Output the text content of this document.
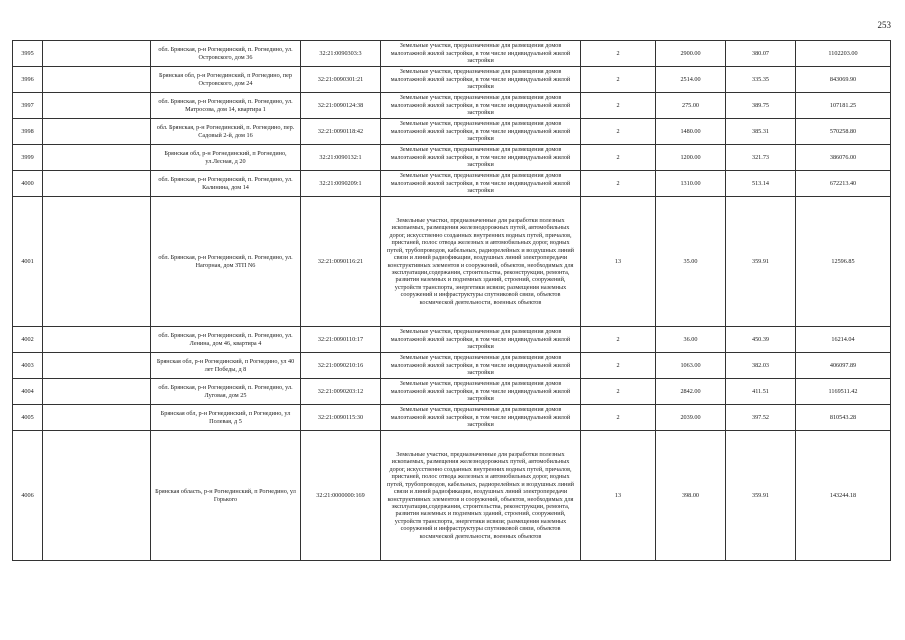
253
3995		обл. Брянская, р-н Рогнединский, п. Рогнедино, ул. Островского, дом 36	32:21:0090303:3	Земельные участки, предназначенные для размещения домов малоэтажной жилой застройки, в том числе индивидуальной жилой застройки	2	2900.00	380.07	1102203.00
3996		Брянская обл, р-н Рогнединский, п Рогнедино, пер Островского, дом 24	32:21:0090301:21	Земельные участки, предназначенные для размещения домов малоэтажной жилой застройки, в том числе индивидуальной жилой застройки	2	2514.00	335.35	843069.90
3997		обл. Брянская, р-н Рогнединский, п. Рогнедино, ул. Матросова, дом 14, квартира 1	32:21:0090124:38	Земельные участки, предназначенные для размещения домов малоэтажной жилой застройки, в том числе индивидуальной жилой застройки	2	275.00	389.75	107181.25
3998		обл. Брянская, р-н Рогнединский, п. Рогнедино, пер. Садовый 2-й, дом 16	32:21:0090118:42	Земельные участки, предназначенные для размещения домов малоэтажной жилой застройки, в том числе индивидуальной жилой застройки	2	1480.00	385.31	570258.80
3999		Брянская обл, р-н Рогнединский, п Рогнедино, ул.Лесная, д 20	32:21:0090132:1	Земельные участки, предназначенные для размещения домов малоэтажной жилой застройки, в том числе индивидуальной жилой застройки	2	1200.00	321.73	386076.00
4000		обл. Брянская, р-н Рогнединский, п. Рогнедино, ул. Калинина, дом 14	32:21:0090209:1	Земельные участки, предназначенные для размещения домов малоэтажной жилой застройки, в том числе индивидуальной жилой застройки	2	1310.00	513.14	672213.40
4001		обл. Брянская, р-н Рогнединский, п. Рогнедино, ул. Нагорная, дом ЗТП N6	32:21:0090116:21	Земельные участки, предназначенные для разработки полезных ископаемых, размещения железнодорожных путей, автомобильных дорог, искусственно созданных внутренних водных путей, причалов, пристаней, полос отвода железных и автомобильных дорог, водных путей, трубопроводов, кабельных, радиорелейных и воздушных линий связи и линий радиофикации, воздушных линий электропередачи конструктивных элементов и сооружений, объектов, необходимых для эксплуатации,содержания, строительства, реконструкции, ремонта, развития наземных и подземных зданий, строений, сооружений, устройств транспорта, энергетики исвязи; размещения наземных сооружений и инфраструктуры спутниковой связи, объектов космической деятельности, военных объектов	13	35.00	359.91	12596.85
4002		обл. Брянская, р-н Рогнединский, п. Рогнедино, ул. Ленина, дом 46, квартира 4	32:21:0090110:17	Земельные участки, предназначенные для размещения домов малоэтажной жилой застройки, в том числе индивидуальной жилой застройки	2	36.00	450.39	16214.04
4003		Брянская обл, р-н Рогнединский, п Рогнедино, ул 40 лет Победы, д 8	32:21:0090210:16	Земельные участки, предназначенные для размещения домов малоэтажной жилой застройки, в том числе индивидуальной жилой застройки	2	1063.00	382.03	406097.89
4004		обл. Брянская, р-н Рогнединский, п. Рогнедино, ул. Луговая, дом 25	32:21:0090203:12	Земельные участки, предназначенные для размещения домов малоэтажной жилой застройки, в том числе индивидуальной жилой застройки	2	2842.00	411.51	1169511.42
4005		Брянская обл, р-н Рогнединский, п Рогнедино, ул Полевая, д 5	32:21:0090115:30	Земельные участки, предназначенные для размещения домов малоэтажной жилой застройки, в том числе индивидуальной жилой застройки	2	2039.00	397.52	810543.28
4006		Брянская область, р-н Рогнединский, п Рогнедино, ул Горького	32:21:0000000:169	Земельные участки, предназначенные для разработки полезных ископаемых, размещения железнодорожных путей, автомобильных дорог, искусственно созданных внутренних водных путей, причалов, пристаней, полос отвода железных и автомобильных дорог, водных путей, трубопроводов, кабельных, радиорелейных и воздушных линий связи и линий радиофикации, воздушных линий электропередачи конструктивных элементов и сооружений, объектов, необходимых для эксплуатации,содержания, строительства, реконструкции, ремонта, развития наземных и подземных зданий, строений, сооружений, устройств транспорта, энергетики исвязи; размещения наземных сооружений и инфраструктуры спутниковой связи, объектов космической деятельности, военных объектов	13	398.00	359.91	143244.18
